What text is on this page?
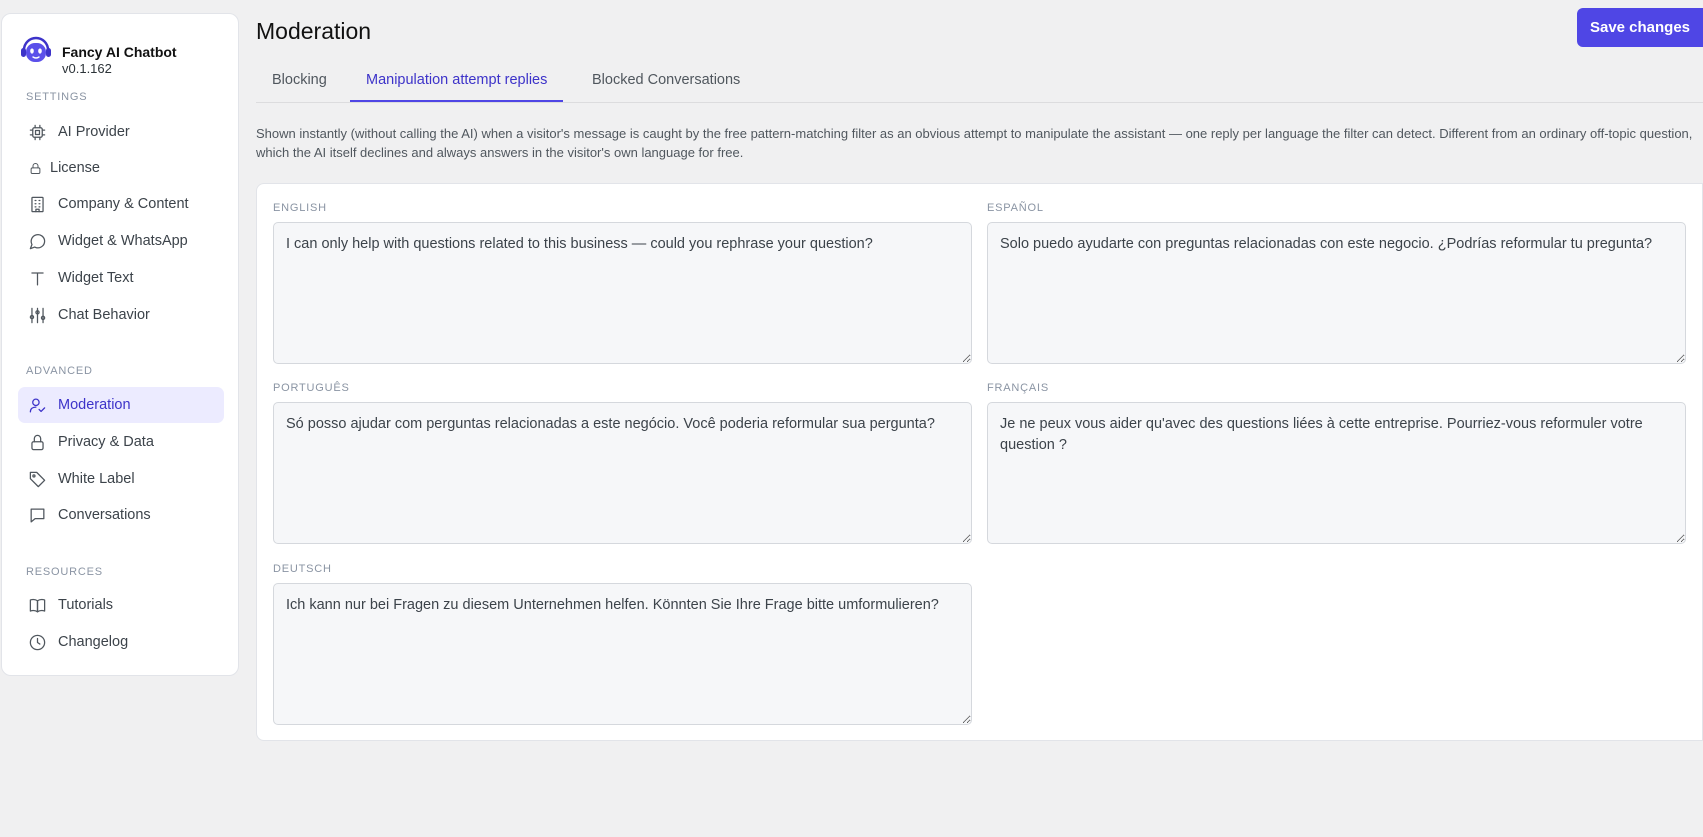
Fancy AI Chatbot
v0.1.162
SETTINGS
AI Provider
License
Company & Content
Widget & WhatsApp
Widget Text
Chat Behavior
ADVANCED
Moderation
Privacy & Data
White Label
Conversations
RESOURCES
Tutorials
Changelog
Moderation	Save changes
Blocking	Manipulation attempt replies	Blocked Conversations
Shown instantly (without calling the AI) when a visitor's message is caught by the free pattern-matching filter as an obvious attempt to manipulate the assistant — one reply per language the filter can detect. Different from an ordinary off-topic question, which the AI itself declines and always answers in the visitor's own language for free.
ENGLISH
I can only help with questions related to this business — could you rephrase your question?	ESPAÑOL
Solo puedo ayudarte con preguntas relacionadas con este negocio. ¿Podrías reformular tu pregunta?
PORTUGUÊS
Só posso ajudar com perguntas relacionadas a este negócio. Você poderia reformular sua pergunta?	FRANÇAIS
Je ne peux vous aider qu'avec des questions liées à cette entreprise. Pourriez-vous reformuler votre question ?
DEUTSCH
Ich kann nur bei Fragen zu diesem Unternehmen helfen. Könnten Sie Ihre Frage bitte umformulieren?
